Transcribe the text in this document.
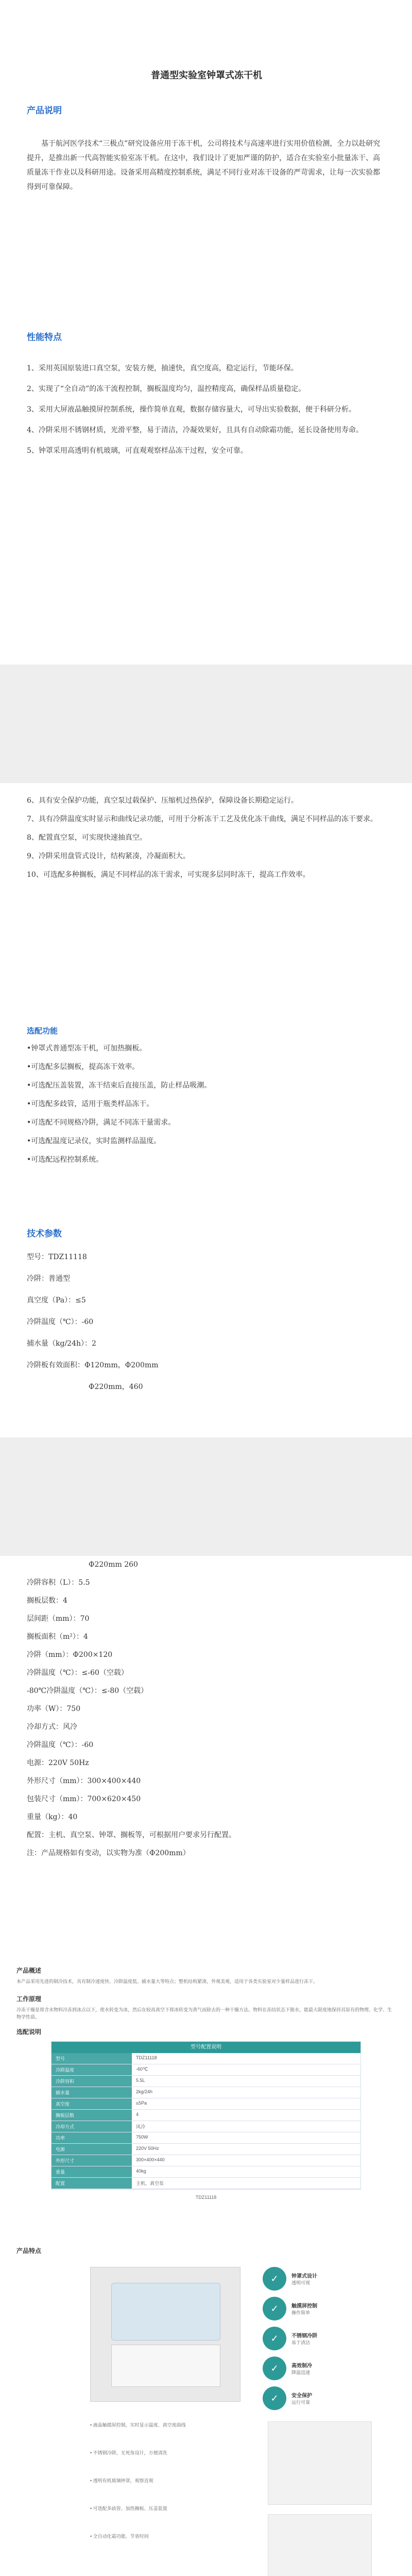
普通型实验室钟罩式冻干机
产品说明
基于航河医学技术“三极点”研究设备应用于冻干机，公司将技术与高速率进行实用价值检测，全力以赴研究提升，是推出新一代高智能实验室冻干机。在这中，我们设计了更加严谨的防护，适合在实验室小批量冻干、高质量冻干作业以及科研用途。设备采用高精度控制系统，满足不同行业对冻干设备的严苛需求，让每一次实验都得到可靠保障。
性能特点

1、采用英国原装进口真空泵，安装方便，抽速快，真空度高，稳定运行，节能环保。

2、实现了“全自动”的冻干流程控制，搁板温度均匀，温控精度高，确保样品质量稳定。

3、采用大屏液晶触摸屏控制系统，操作简单直观，数据存储容量大，可导出实验数据，便于科研分析。

4、冷阱采用不锈钢材质，光滑平整，易于清洁，冷凝效果好，且具有自动除霜功能，延长设备使用寿命。

5、钟罩采用高透明有机玻璃，可直观观察样品冻干过程，安全可靠。

6、具有安全保护功能，真空泵过载保护、压缩机过热保护，保障设备长期稳定运行。

7、具有冷阱温度实时显示和曲线记录功能，可用于分析冻干工艺及优化冻干曲线，满足不同样品的冻干要求。

8、配置真空泵，可实现快速抽真空。

9、冷阱采用盘管式设计，结构紧凑，冷凝面积大。

10、可选配多种搁板，满足不同样品的冻干需求，可实现多层同时冻干，提高工作效率。

选配功能

•钟罩式普通型冻干机，可加热搁板。

•可选配多层搁板，提高冻干效率。

•可选配压盖装置，冻干结束后直接压盖，防止样品吸潮。

•可选配多歧管，适用于瓶类样品冻干。

•可选配不同规格冷阱，满足不同冻干量需求。

•可选配温度记录仪，实时监测样品温度。

•可选配远程控制系统。

技术参数

型号：TDZ11118

冷阱：普通型

真空度（Pa）：≤5

冷阱温度（℃）：-60

捕水量（kg/24h）：2

冷阱板有效面积：Φ120mm，Φ200mm

Φ220mm，460

Φ220mm 260

冷阱容积（L）：5.5

搁板层数：4

层间距（mm）：70

搁板面积（m²）：4

冷阱（mm）：Φ200×120

冷阱温度（℃）：≤-60（空载）

-80℃冷阱温度（℃）：≤-80（空载）

功率（W）：750

冷却方式：风冷

冷阱温度（℃）：-60

电源：220V 50Hz

外形尺寸（mm）：300×400×440

包装尺寸（mm）：700×620×450

重量（kg）：40

配置：主机、真空泵、钟罩、搁板等，可根据用户要求另行配置。

注：产品规格如有变动，以实物为准（Φ200mm）

产品概述
本产品采用先进的制冷技术，具有制冷速度快、冷阱温度低、捕水量大等特点；整机结构紧凑，外观美观，适用于各类实验室对少量样品进行冻干。
工作原理
冷冻干燥是将含水物料冷冻到冰点以下，使水转变为冰，然后在较高真空下将冰转变为蒸气而除去的一种干燥方法。物料在冻结状态下脱水，能最大限度地保持其原有的物理、化学、生物学性质。
选配说明
型号配置说明
型号	TDZ11118
冷阱温度	-60℃
冷阱容积	5.5L
捕水量	2kg/24h
真空度	≤5Pa
搁板层数	4
冷却方式	风冷
功率	750W
电源	220V 50Hz
外形尺寸	300×400×440
重量	40kg
配置	主机、真空泵
TDZ11118
产品特点
✓	钟罩式设计
透明可视
✓	触摸屏控制
操作简单
✓	不锈钢冷阱
易于清洁
✓	高效制冷
降温迅速
✓	安全保护
运行可靠
• 液晶触摸屏控制，实时显示温度、真空度曲线
• 不锈钢冷阱，无死角设计，方便清洗
• 透明有机玻璃钟罩，观察直观
• 可选配多歧管、加热搁板、压盖装置
• 全自动化霜功能，节省时间
